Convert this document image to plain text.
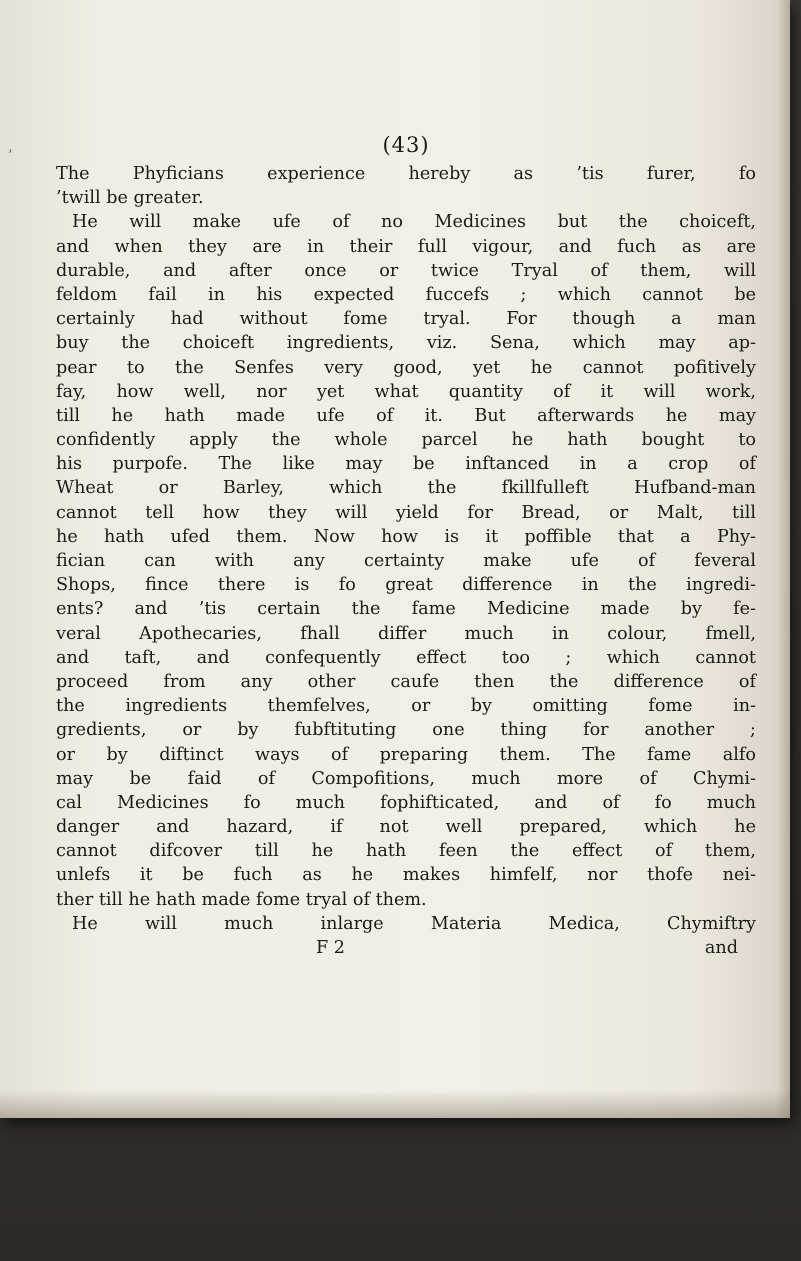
’	(43)
The Phyficians experience hereby as ’tis furer, fo
’twill be greater.
He will make ufe of no Medicines but the choiceft,
and when they are in their full vigour, and fuch as are
durable, and after once or twice Tryal of them, will
feldom fail in his expected fuccefs ; which cannot be
certainly had without fome tryal. For though a man
buy the choiceft ingredients, viz. Sena, which may ap-
pear to the Senfes very good, yet he cannot pofitively
fay, how well, nor yet what quantity of it will work,
till he hath made ufe of it. But afterwards he may
confidently apply the whole parcel he hath bought to
his purpofe. The like may be inftanced in a crop of
Wheat or Barley, which the fkillfulleft Hufband-man
cannot tell how they will yield for Bread, or Malt, till
he hath ufed them. Now how is it poffible that a Phy-
fician can with any certainty make ufe of feveral
Shops, fince there is fo great difference in the ingredi-
ents? and ’tis certain the fame Medicine made by fe-
veral Apothecaries, fhall differ much in colour, fmell,
and taft, and confequently effect too ; which cannot
proceed from any other caufe then the difference of
the ingredients themfelves, or by omitting fome in-
gredients, or by fubftituting one thing for another ;
or by diftinct ways of preparing them. The fame alfo
may be faid of Compofitions, much more of Chymi-
cal Medicines fo much fophifticated, and of fo much
danger and hazard, if not well prepared, which he
cannot difcover till he hath feen the effect of them,
unlefs it be fuch as he makes himfelf, nor thofe nei-
ther till he hath made fome tryal of them.
He will much inlarge Materia Medica, Chymiftry
F 2	and
